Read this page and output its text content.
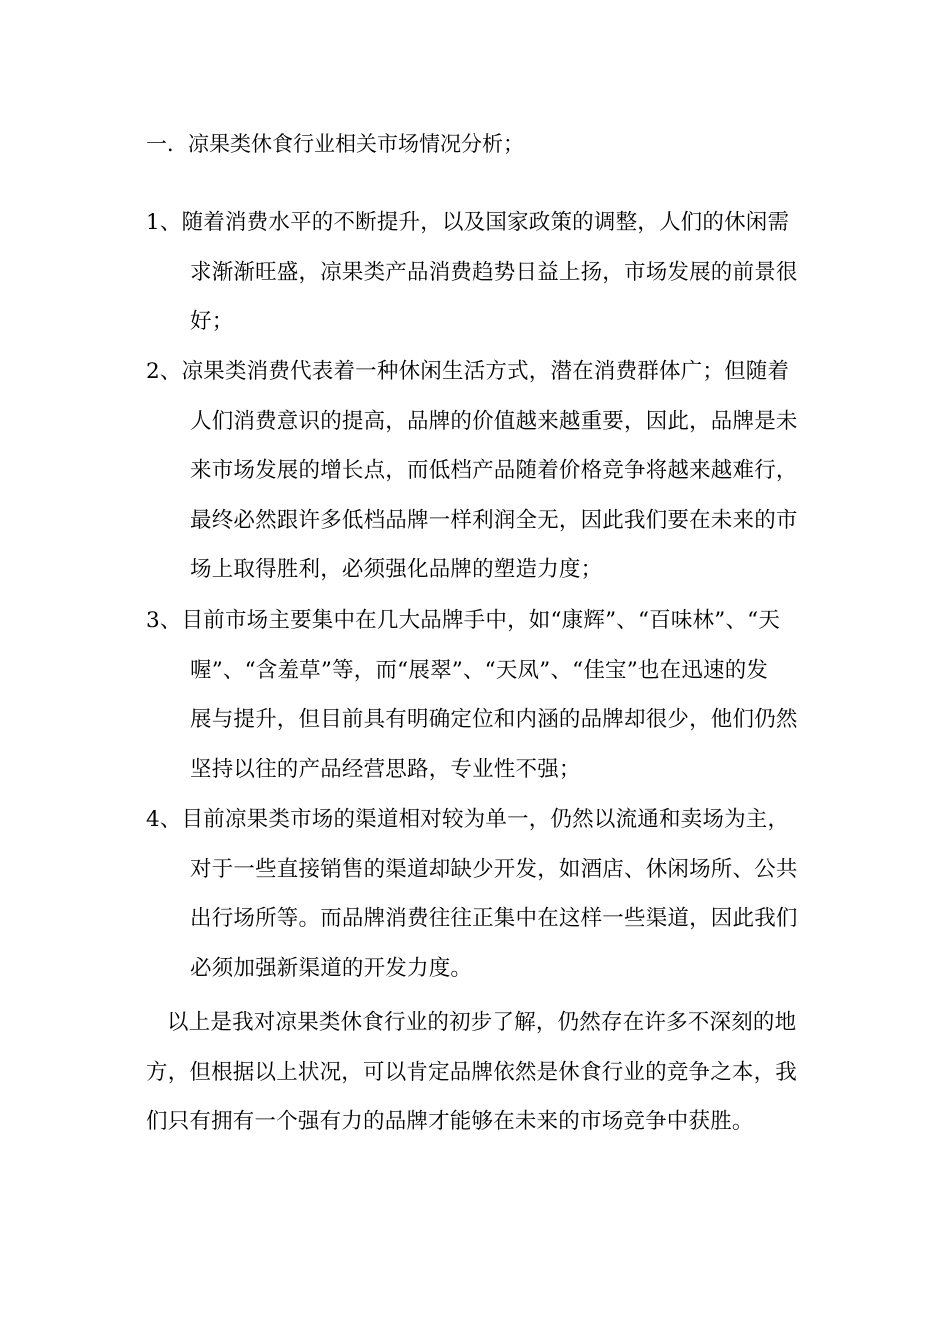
一．凉果类休食行业相关市场情况分析；
1、随着消费水平的不断提升，以及国家政策的调整，人们的休闲需
求渐渐旺盛，凉果类产品消费趋势日益上扬，市场发展的前景很
好；
2、凉果类消费代表着一种休闲生活方式，潜在消费群体广；但随着
人们消费意识的提高，品牌的价值越来越重要，因此，品牌是未
来市场发展的增长点，而低档产品随着价格竞争将越来越难行，
最终必然跟许多低档品牌一样利润全无，因此我们要在未来的市
场上取得胜利，必须强化品牌的塑造力度；
3、目前市场主要集中在几大品牌手中，如“康辉”、“百味林”、“天
喔”、“含羞草”等，而“展翠”、“天凤”、“佳宝”也在迅速的发
展与提升，但目前具有明确定位和内涵的品牌却很少，他们仍然
坚持以往的产品经营思路，专业性不强；
4、目前凉果类市场的渠道相对较为单一，仍然以流通和卖场为主，
对于一些直接销售的渠道却缺少开发，如酒店、休闲场所、公共
出行场所等。而品牌消费往往正集中在这样一些渠道，因此我们
必须加强新渠道的开发力度。
以上是我对凉果类休食行业的初步了解，仍然存在许多不深刻的地
方，但根据以上状况，可以肯定品牌依然是休食行业的竞争之本，我
们只有拥有一个强有力的品牌才能够在未来的市场竞争中获胜。
